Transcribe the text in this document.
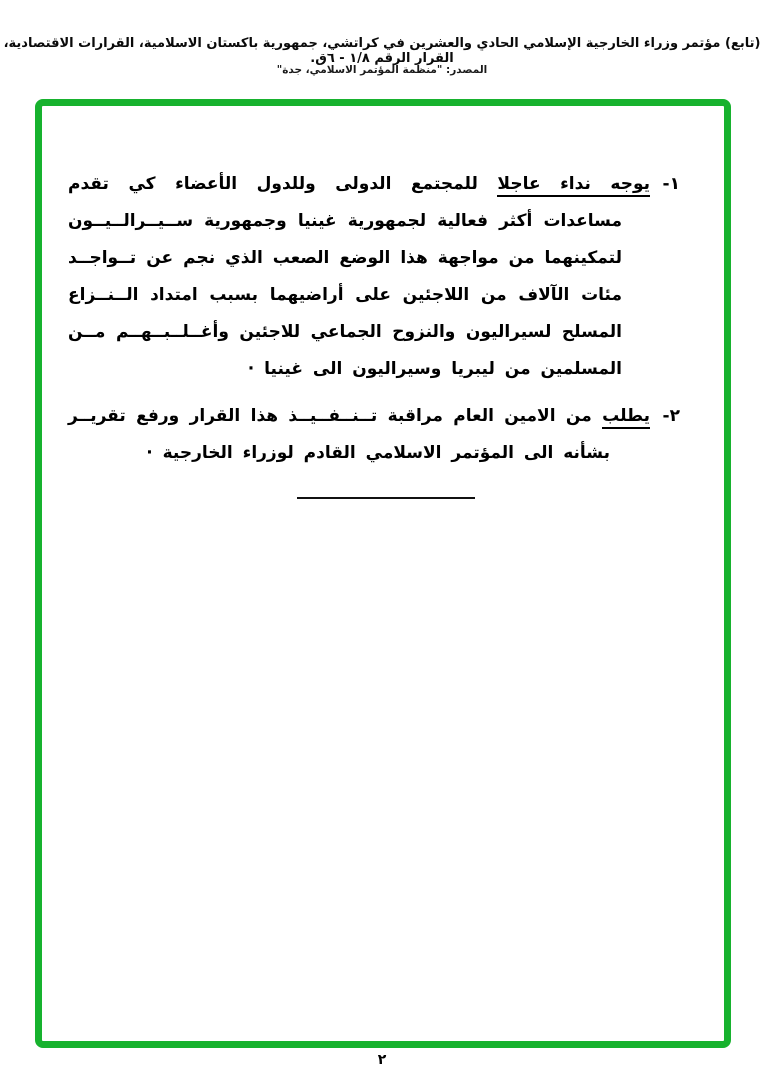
(تابع) مؤتمر وزراء الخارجية الإسلامي الحادي والعشرين في كراتشي، جمهورية باكستان الاسلامية، القرارات الاقتصادية، القرار الرقم ١/٨ - ٦ق.
المصدر: "منظمة المؤتمر الاسلامي، جدة"
١-
يوجه نداء عاجلا للمجتمع الدولى وللدول الأعضاء كي تقدم
مساعدات أكثر فعالية لجمهورية غينيا وجمهورية ســيــرالــيــون
لتمكينهما من مواجهة هذا الوضع الصعب الذي نجم عن تــواجــد
مئات الآلاف من اللاجئين على أراضيهما بسبب امتداد الــنــزاع
المسلح لسيراليون والنزوح الجماعي للاجئين وأغــلــبــهــم مــن
المسلمين من ليبريا وسيراليون الى غينيا ·
٢-
يطلب من الامين العام مراقبة تــنــفــيــذ هذا القرار ورفع تقريــر
بشأنه الى المؤتمر الاسلامي القادم لوزراء الخارجية ·
٢
